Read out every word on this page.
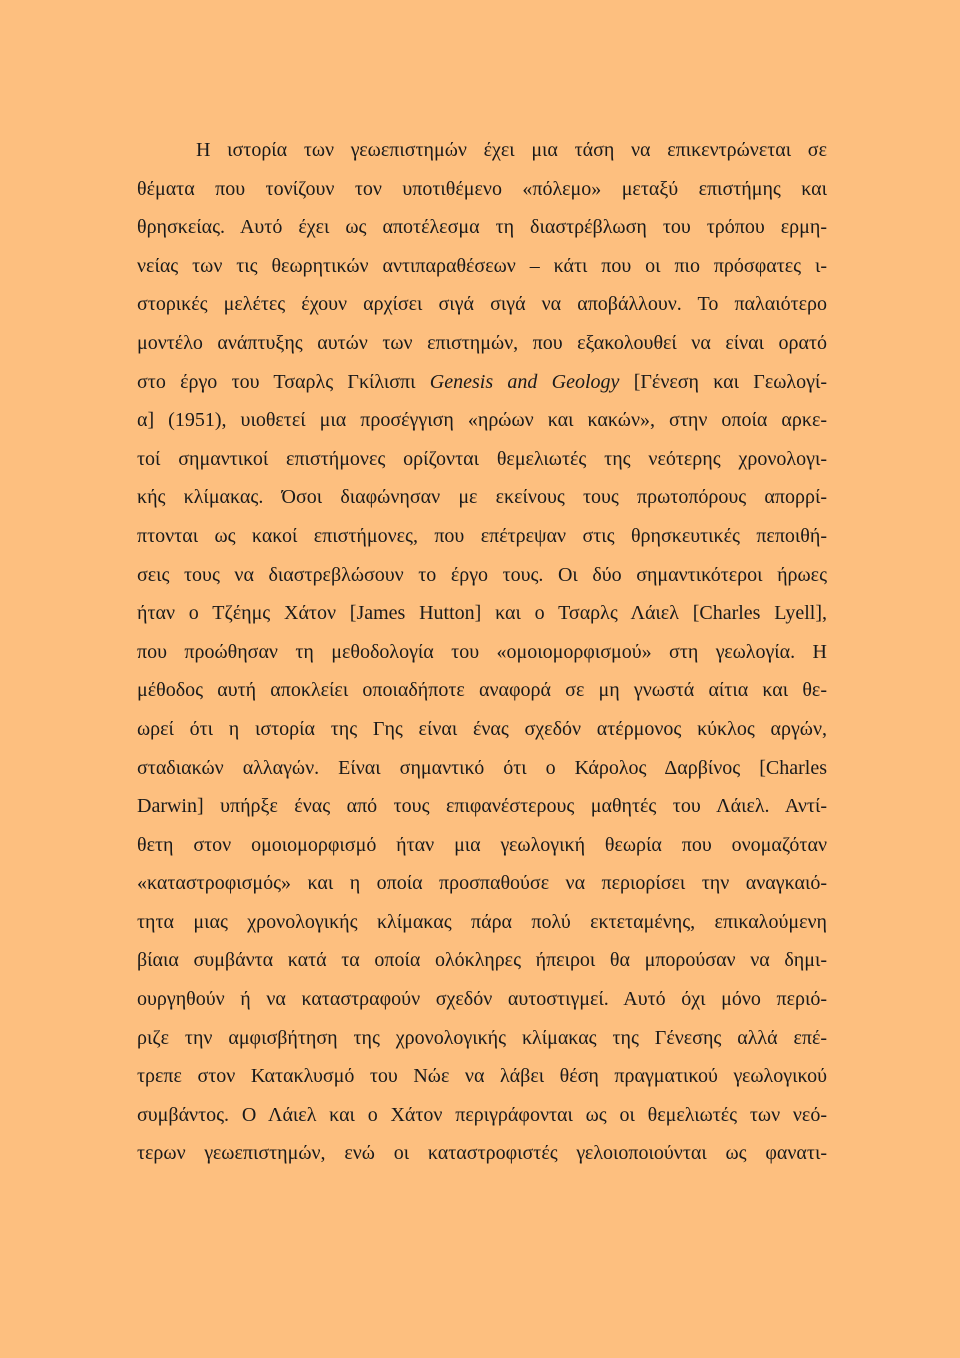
Η ιστορία των γεωεπιστημών έχει μια τάση να επικεντρώνεται σε
θέματα που τονίζουν τον υποτιθέμενο «πόλεμο» μεταξύ επιστήμης και
θρησκείας. Αυτό έχει ως αποτέλεσμα τη διαστρέβλωση του τρόπου ερμη-
νείας των τις θεωρητικών αντιπαραθέσεων – κάτι που οι πιο πρόσφατες ι-
στορικές μελέτες έχουν αρχίσει σιγά σιγά να αποβάλλουν. Το παλαιότερο
μοντέλο ανάπτυξης αυτών των επιστημών, που εξακολουθεί να είναι ορατό
στο έργο του Τσαρλς Γκίλισπι Genesis and Geology [Γένεση και Γεωλογί-
α] (1951), υιοθετεί μια προσέγγιση «ηρώων και κακών», στην οποία αρκε-
τοί σημαντικοί επιστήμονες ορίζονται θεμελιωτές της νεότερης χρονολογι-
κής κλίμακας. Όσοι διαφώνησαν με εκείνους τους πρωτοπόρους απορρί-
πτονται ως κακοί επιστήμονες, που επέτρεψαν στις θρησκευτικές πεποιθή-
σεις τους να διαστρεβλώσουν το έργο τους. Οι δύο σημαντικότεροι ήρωες
ήταν ο Τζέημς Χάτον [James Hutton] και ο Τσαρλς Λάιελ [Charles Lyell],
που προώθησαν τη μεθοδολογία του «ομοιομορφισμού» στη γεωλογία. Η
μέθοδος αυτή αποκλείει οποιαδήποτε αναφορά σε μη γνωστά αίτια και θε-
ωρεί ότι η ιστορία της Γης είναι ένας σχεδόν ατέρμονος κύκλος αργών,
σταδιακών αλλαγών. Είναι σημαντικό ότι ο Κάρολος Δαρβίνος [Charles
Darwin] υπήρξε ένας από τους επιφανέστερους μαθητές του Λάιελ. Αντί-
θετη στον ομοιομορφισμό ήταν μια γεωλογική θεωρία που ονομαζόταν
«καταστροφισμός» και η οποία προσπαθούσε να περιορίσει την αναγκαιό-
τητα μιας χρονολογικής κλίμακας πάρα πολύ εκτεταμένης, επικαλούμενη
βίαια συμβάντα κατά τα οποία ολόκληρες ήπειροι θα μπορούσαν να δημι-
ουργηθούν ή να καταστραφούν σχεδόν αυτοστιγμεί. Αυτό όχι μόνο περιό-
ριζε την αμφισβήτηση της χρονολογικής κλίμακας της Γένεσης αλλά επέ-
τρεπε στον Κατακλυσμό του Νώε να λάβει θέση πραγματικού γεωλογικού
συμβάντος. Ο Λάιελ και ο Χάτον περιγράφονται ως οι θεμελιωτές των νεό-
τερων γεωεπιστημών, ενώ οι καταστροφιστές γελοιοποιούνται ως φανατι-
